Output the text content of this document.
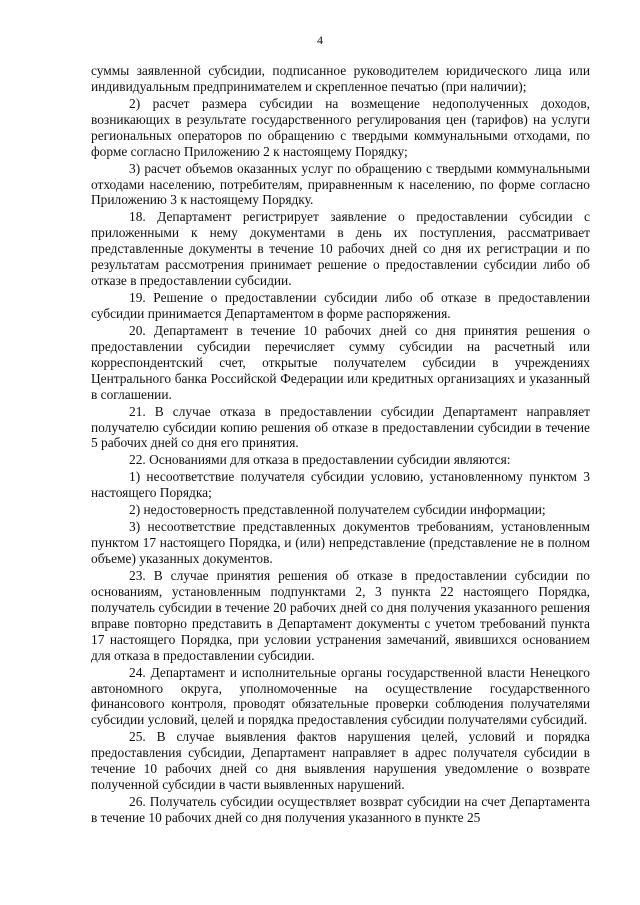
4

суммы заявленной субсидии, подписанное руководителем юридического лица или индивидуальным предпринимателем и скрепленное печатью (при наличии);

2) расчет размера субсидии на возмещение недополученных доходов, возникающих в результате государственного регулирования цен (тарифов) на услуги региональных операторов по обращению с твердыми коммунальными отходами, по форме согласно Приложению 2 к настоящему Порядку;

3) расчет объемов оказанных услуг по обращению с твердыми коммунальными отходами населению, потребителям, приравненным к населению, по форме согласно Приложению 3 к настоящему Порядку.

18. Департамент регистрирует заявление о предоставлении субсидии с приложенными к нему документами в день их поступления, рассматривает представленные документы в течение 10 рабочих дней со дня их регистрации и по результатам рассмотрения принимает решение о предоставлении субсидии либо об отказе в предоставлении субсидии.

19. Решение о предоставлении субсидии либо об отказе в предоставлении субсидии принимается Департаментом в форме распоряжения.

20. Департамент в течение 10 рабочих дней со дня принятия решения о предоставлении субсидии перечисляет сумму субсидии на расчетный или корреспондентский счет, открытые получателем субсидии в учреждениях Центрального банка Российской Федерации или кредитных организациях и указанный в соглашении.

21. В случае отказа в предоставлении субсидии Департамент направляет получателю субсидии копию решения об отказе в предоставлении субсидии в течение 5 рабочих дней со дня его принятия.

22. Основаниями для отказа в предоставлении субсидии являются:

1) несоответствие получателя субсидии условию, установленному пунктом 3 настоящего Порядка;

2) недостоверность представленной получателем субсидии информации;

3) несоответствие представленных документов требованиям, установленным пунктом 17 настоящего Порядка, и (или) непредставление (представление не в полном объеме) указанных документов.

23. В случае принятия решения об отказе в предоставлении субсидии по основаниям, установленным подпунктами 2, 3 пункта 22 настоящего Порядка, получатель субсидии в течение 20 рабочих дней со дня получения указанного решения вправе повторно представить в Департамент документы с учетом требований пункта 17 настоящего Порядка, при условии устранения замечаний, явившихся основанием для отказа в предоставлении субсидии.

24. Департамент и исполнительные органы государственной власти Ненецкого автономного округа, уполномоченные на осуществление государственного финансового контроля, проводят обязательные проверки соблюдения получателями субсидии условий, целей и порядка предоставления субсидии получателями субсидий.

25. В случае выявления фактов нарушения целей, условий и порядка предоставления субсидии, Департамент направляет в адрес получателя субсидии в течение 10 рабочих дней со дня выявления нарушения уведомление о возврате полученной субсидии в части выявленных нарушений.

26. Получатель субсидии осуществляет возврат субсидии на счет Департамента в течение 10 рабочих дней со дня получения указанного в пункте 25
